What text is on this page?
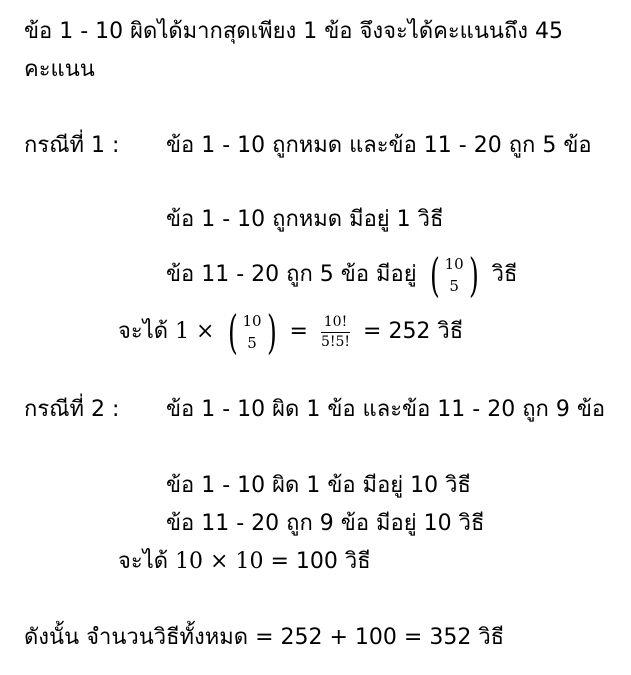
ข้อ 1 - 10 ผิดได้มากสุดเพียง 1 ข้อ จึงจะได้คะแนนถึง 45
คะแนน
กรณีที่ 1 : ข้อ 1 - 10 ถูกหมด และข้อ 11 - 20 ถูก 5 ข้อ
ข้อ 1 - 10 ถูกหมด มีอยู่ 1 วิธี
ข้อ 11 - 20 ถูก 5 ข้อ มีอยู่ ( 10
5 ) วิธี
จะได้ 1 × ( 10
5 ) = $\frac{10!}{5!5!} = 252$ วิธี
กรณีที่ 2 : ข้อ 1 - 10 ผิด 1 ข้อ และข้อ 11 - 20 ถูก 9 ข้อ
ข้อ 1 - 10 ผิด 1 ข้อ มีอยู่ 10 วิธี
ข้อ 11 - 20 ถูก 9 ข้อ มีอยู่ 10 วิธี
จะได้ 10 × 10 = 100 วิธี
ดังนั้น จำนวนวิธีทั้งหมด = 252 + 100 = 352 วิธี
